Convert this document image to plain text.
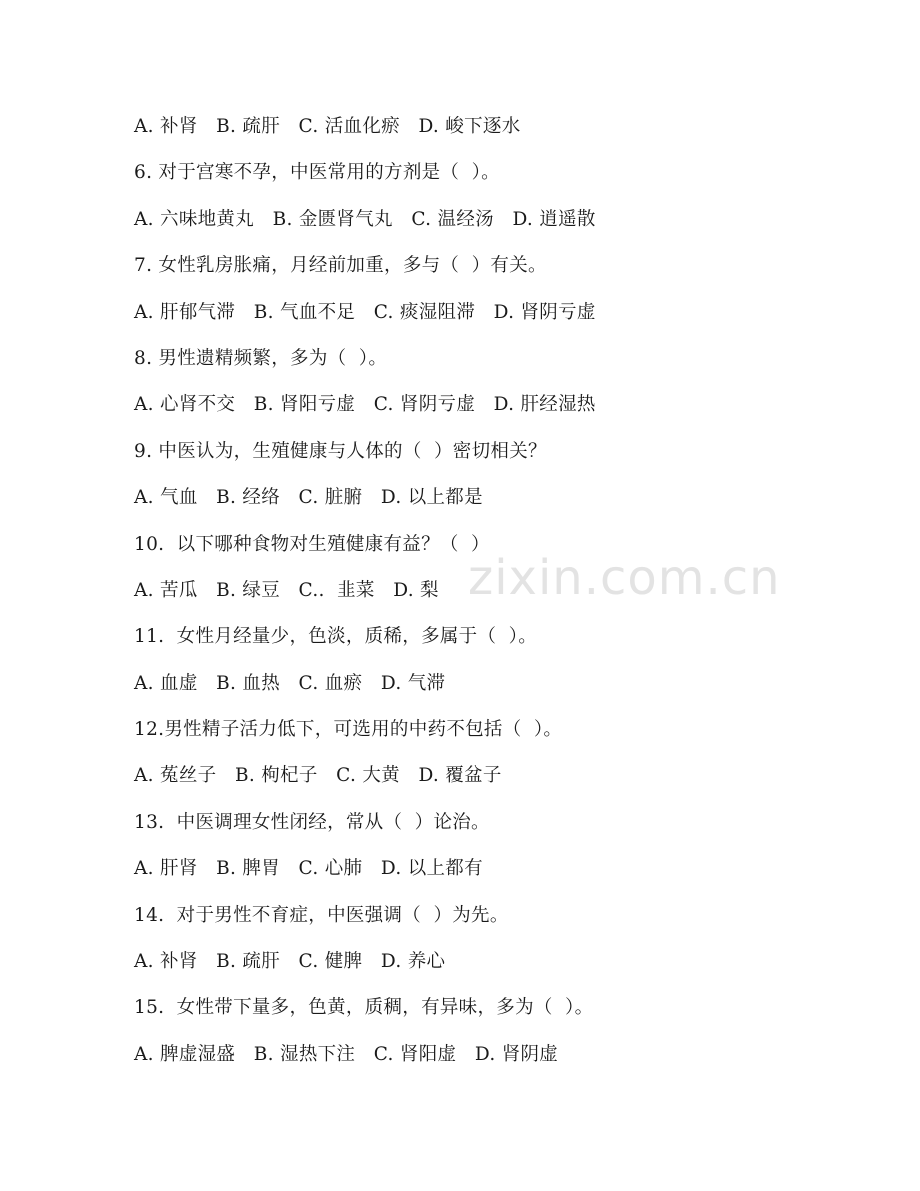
A. 补肾   B. 疏肝   C. 活血化瘀   D. 峻下逐水
6. 对于宫寒不孕，中医常用的方剂是（  ）。
A. 六味地黄丸   B. 金匮肾气丸   C. 温经汤   D. 逍遥散
7. 女性乳房胀痛，月经前加重，多与（  ）有关。
A. 肝郁气滞   B. 气血不足   C. 痰湿阻滞   D. 肾阴亏虚
8. 男性遗精频繁，多为（  ）。
A. 心肾不交   B. 肾阳亏虚   C. 肾阴亏虚   D. 肝经湿热
9. 中医认为，生殖健康与人体的（  ）密切相关？
A. 气血   B. 经络   C. 脏腑   D. 以上都是
10.  以下哪种食物对生殖健康有益？（  ）
A. 苦瓜   B. 绿豆   C..  韭菜   D. 梨
11.  女性月经量少，色淡，质稀，多属于（  ）。
A. 血虚   B. 血热   C. 血瘀   D. 气滞
12.男性精子活力低下，可选用的中药不包括（  ）。
A. 菟丝子   B. 枸杞子   C. 大黄   D. 覆盆子
13.  中医调理女性闭经，常从（  ）论治。
A. 肝肾   B. 脾胃   C. 心肺   D. 以上都有
14.  对于男性不育症，中医强调（  ）为先。
A. 补肾   B. 疏肝   C. 健脾   D. 养心
15.  女性带下量多，色黄，质稠，有异味，多为（  ）。
A. 脾虚湿盛   B. 湿热下注   C. 肾阳虚   D. 肾阴虚
zixin.com.cn
